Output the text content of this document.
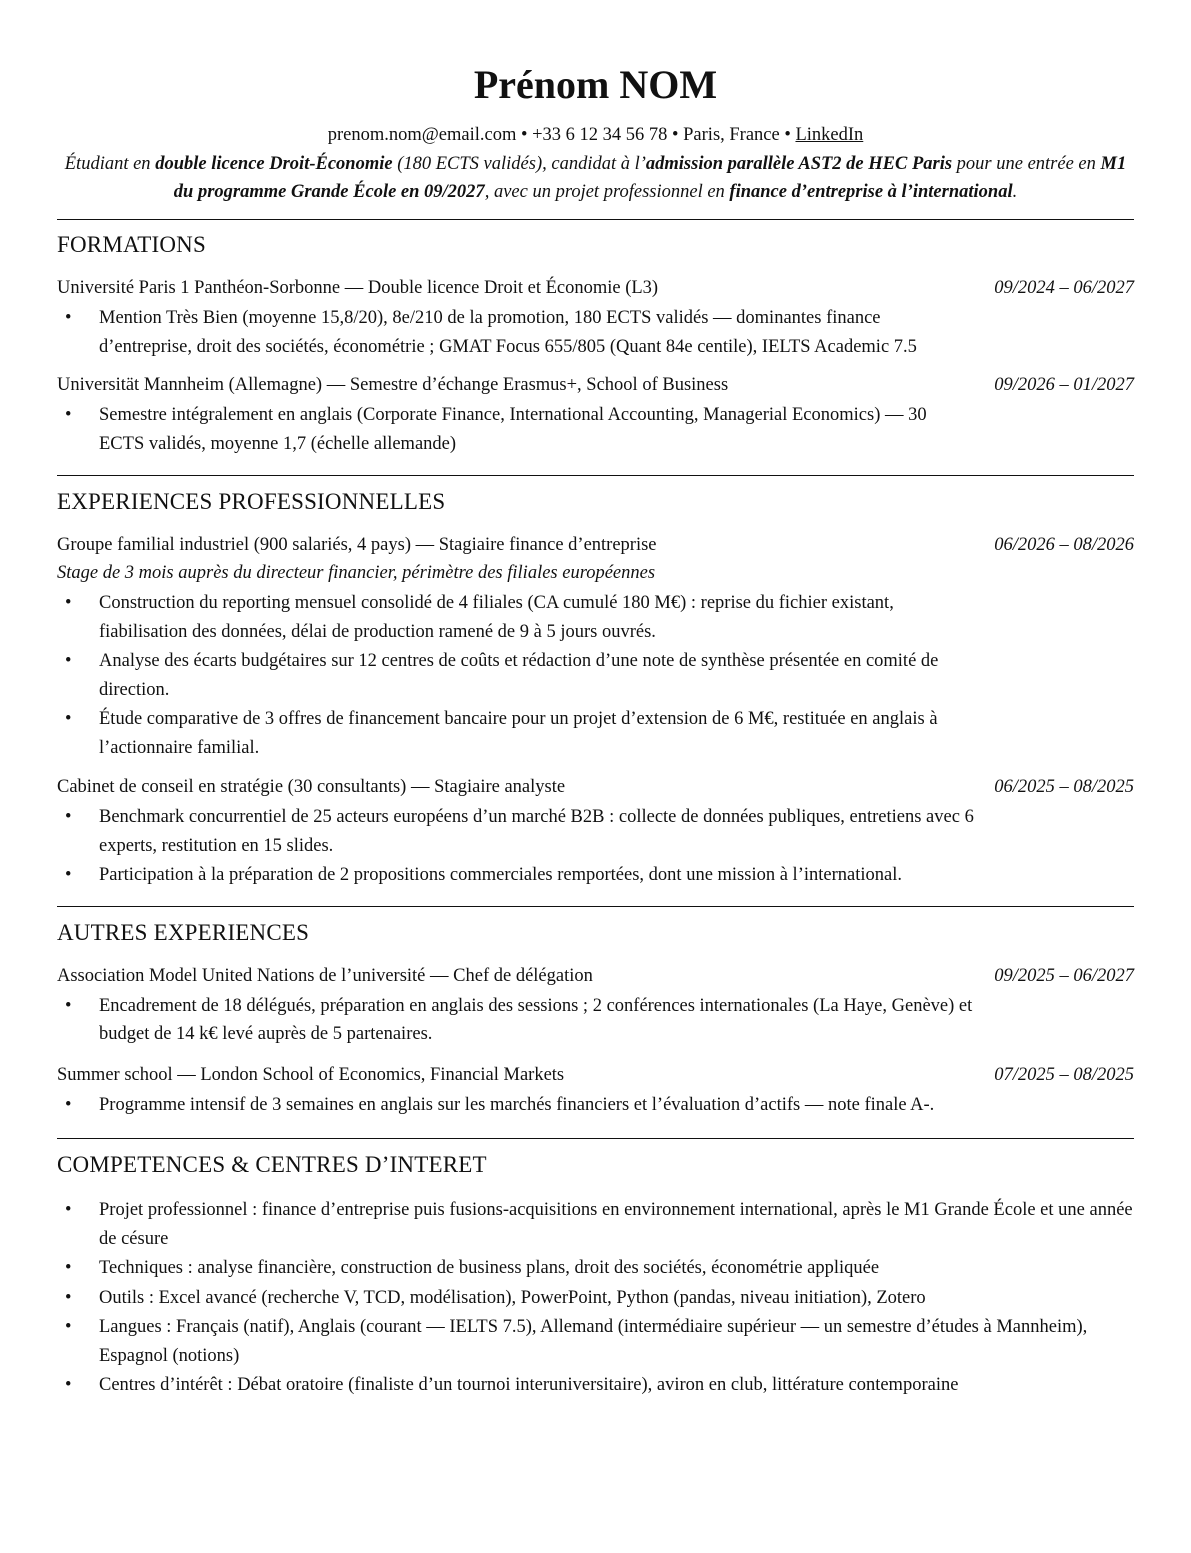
Prénom NOM
prenom.nom@email.com • +33 6 12 34 56 78 • Paris, France • LinkedIn
Étudiant en double licence Droit-Économie (180 ECTS validés), candidat à l’admission parallèle AST2 de HEC Paris pour une entrée en M1 du programme Grande École en 09/2027, avec un projet professionnel en finance d’entreprise à l’international.
FORMATIONS
Université Paris 1 Panthéon-Sorbonne — Double licence Droit et Économie (L3)	09/2024 – 06/2027
• Mention Très Bien (moyenne 15,8/20), 8e/210 de la promotion, 180 ECTS validés — dominantes finance d’entreprise, droit des sociétés, économétrie ; GMAT Focus 655/805 (Quant 84e centile), IELTS Academic 7.5
Universität Mannheim (Allemagne) — Semestre d’échange Erasmus+, School of Business	09/2026 – 01/2027
• Semestre intégralement en anglais (Corporate Finance, International Accounting, Managerial Economics) — 30 ECTS validés, moyenne 1,7 (échelle allemande)
EXPERIENCES PROFESSIONNELLES
Groupe familial industriel (900 salariés, 4 pays) — Stagiaire finance d’entreprise	06/2026 – 08/2026
Stage de 3 mois auprès du directeur financier, périmètre des filiales européennes
• Construction du reporting mensuel consolidé de 4 filiales (CA cumulé 180 M€) : reprise du fichier existant, fiabilisation des données, délai de production ramené de 9 à 5 jours ouvrés.
• Analyse des écarts budgétaires sur 12 centres de coûts et rédaction d’une note de synthèse présentée en comité de direction.
• Étude comparative de 3 offres de financement bancaire pour un projet d’extension de 6 M€, restituée en anglais à l’actionnaire familial.
Cabinet de conseil en stratégie (30 consultants) — Stagiaire analyste	06/2025 – 08/2025
• Benchmark concurrentiel de 25 acteurs européens d’un marché B2B : collecte de données publiques, entretiens avec 6 experts, restitution en 15 slides.
• Participation à la préparation de 2 propositions commerciales remportées, dont une mission à l’international.
AUTRES EXPERIENCES
Association Model United Nations de l’université — Chef de délégation	09/2025 – 06/2027
• Encadrement de 18 délégués, préparation en anglais des sessions ; 2 conférences internationales (La Haye, Genève) et budget de 14 k€ levé auprès de 5 partenaires.
Summer school — London School of Economics, Financial Markets	07/2025 – 08/2025
• Programme intensif de 3 semaines en anglais sur les marchés financiers et l’évaluation d’actifs — note finale A-.
COMPETENCES & CENTRES D’INTERET
• Projet professionnel : finance d’entreprise puis fusions-acquisitions en environnement international, après le M1 Grande École et une année de césure
• Techniques : analyse financière, construction de business plans, droit des sociétés, économétrie appliquée
• Outils : Excel avancé (recherche V, TCD, modélisation), PowerPoint, Python (pandas, niveau initiation), Zotero
• Langues : Français (natif), Anglais (courant — IELTS 7.5), Allemand (intermédiaire supérieur — un semestre d’études à Mannheim), Espagnol (notions)
• Centres d’intérêt : Débat oratoire (finaliste d’un tournoi interuniversitaire), aviron en club, littérature contemporaine
